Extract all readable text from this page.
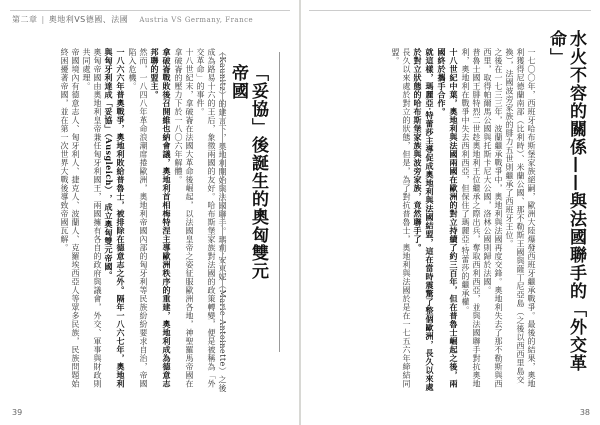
第二章 | 奧地利VS德國、法國 Austria VS Germany, France
（Kaunitz）的建言下，奧地利開始與法國聯手。瑪莉·安東妮（Marie Antoinette）之後成為路易十六的王后，象徵兩國的友好。哈布斯堡家族對法國的政策轉變，便是被稱為「外交革命」的事件。
十八世紀末，拿破崙在法國大革命後崛起，以法國皇帝之姿征服歐洲各地，神聖羅馬帝國在拿破崙的壓力下於一八〇六年解體。
拿破崙戰敗後召開維也納會議，奧地利首相梅特涅主導歐洲秩序的重建，奧地利成為德意志邦聯的盟主。
然而，一八四八年革命浪潮席捲歐洲，奧地利帝國內部的匈牙利等民族紛紛要求自治，帝國陷入危機。
一八六六年普奧戰爭，奧地利敗給普魯士，被排除在德意志之外。隔年一八六七年，奧地利與匈牙利達成「妥協」（Ausgleich），成立奧匈雙元帝國。
奧匈帝國由奧地利皇帝兼任匈牙利國王，兩國擁有各自的政府與議會，外交、軍事與財政則共同處理。
帝國境內有德意志人、匈牙利人、捷克人、波蘭人、克羅埃西亞人等眾多民族，民族問題始終困擾著帝國，並在第一次世界大戰後導致帝國瓦解。	「妥協」後誕生的奧匈雙元帝國
39
一七〇〇年，西班牙哈布斯堡家族絕嗣，歐洲大陸爆發西班牙繼承戰爭。最後的結果，奧地利獲得尼德蘭南部（比利時）、米蘭公國、那不勒斯王國與薩丁尼亞島（之後以西西里島交換），法國波旁家族的腓力五世則繼承了西班牙王位。
之後在一七三三年，波蘭繼承戰爭中，奧地利與法國再度交鋒。奧地利失去了那不勒斯與西西里，取得帕爾馬公國與托斯卡尼大公國，洛林公國則歸於法國。
普魯士國王腓特烈二世趁奧地利王位繼承之際出兵，奪取西利西亞，並與法國聯手對抗奧地利，奧地利在戰爭中失去西利西亞，但保住了瑪麗亞·特蕾莎的繼承權。
十八世紀中葉，奧地利與法國兩國在歐洲的對立持續了約三百年，但在普魯士崛起之後，兩國終於攜手合作。
就這樣，瑪麗亞·特蕾莎主導促成奧地利與法國結盟，這在當時震驚了整個歐洲，長久以來處於對立狀態的哈布斯堡家族與波旁家族，竟然聯手了。
長久以來處於對立的狀態，但是，為了對抗普魯士，奧地利與法國於是在一七五六年締結同盟。	水火不容的關係——與法國聯手的「外交革命」
38
